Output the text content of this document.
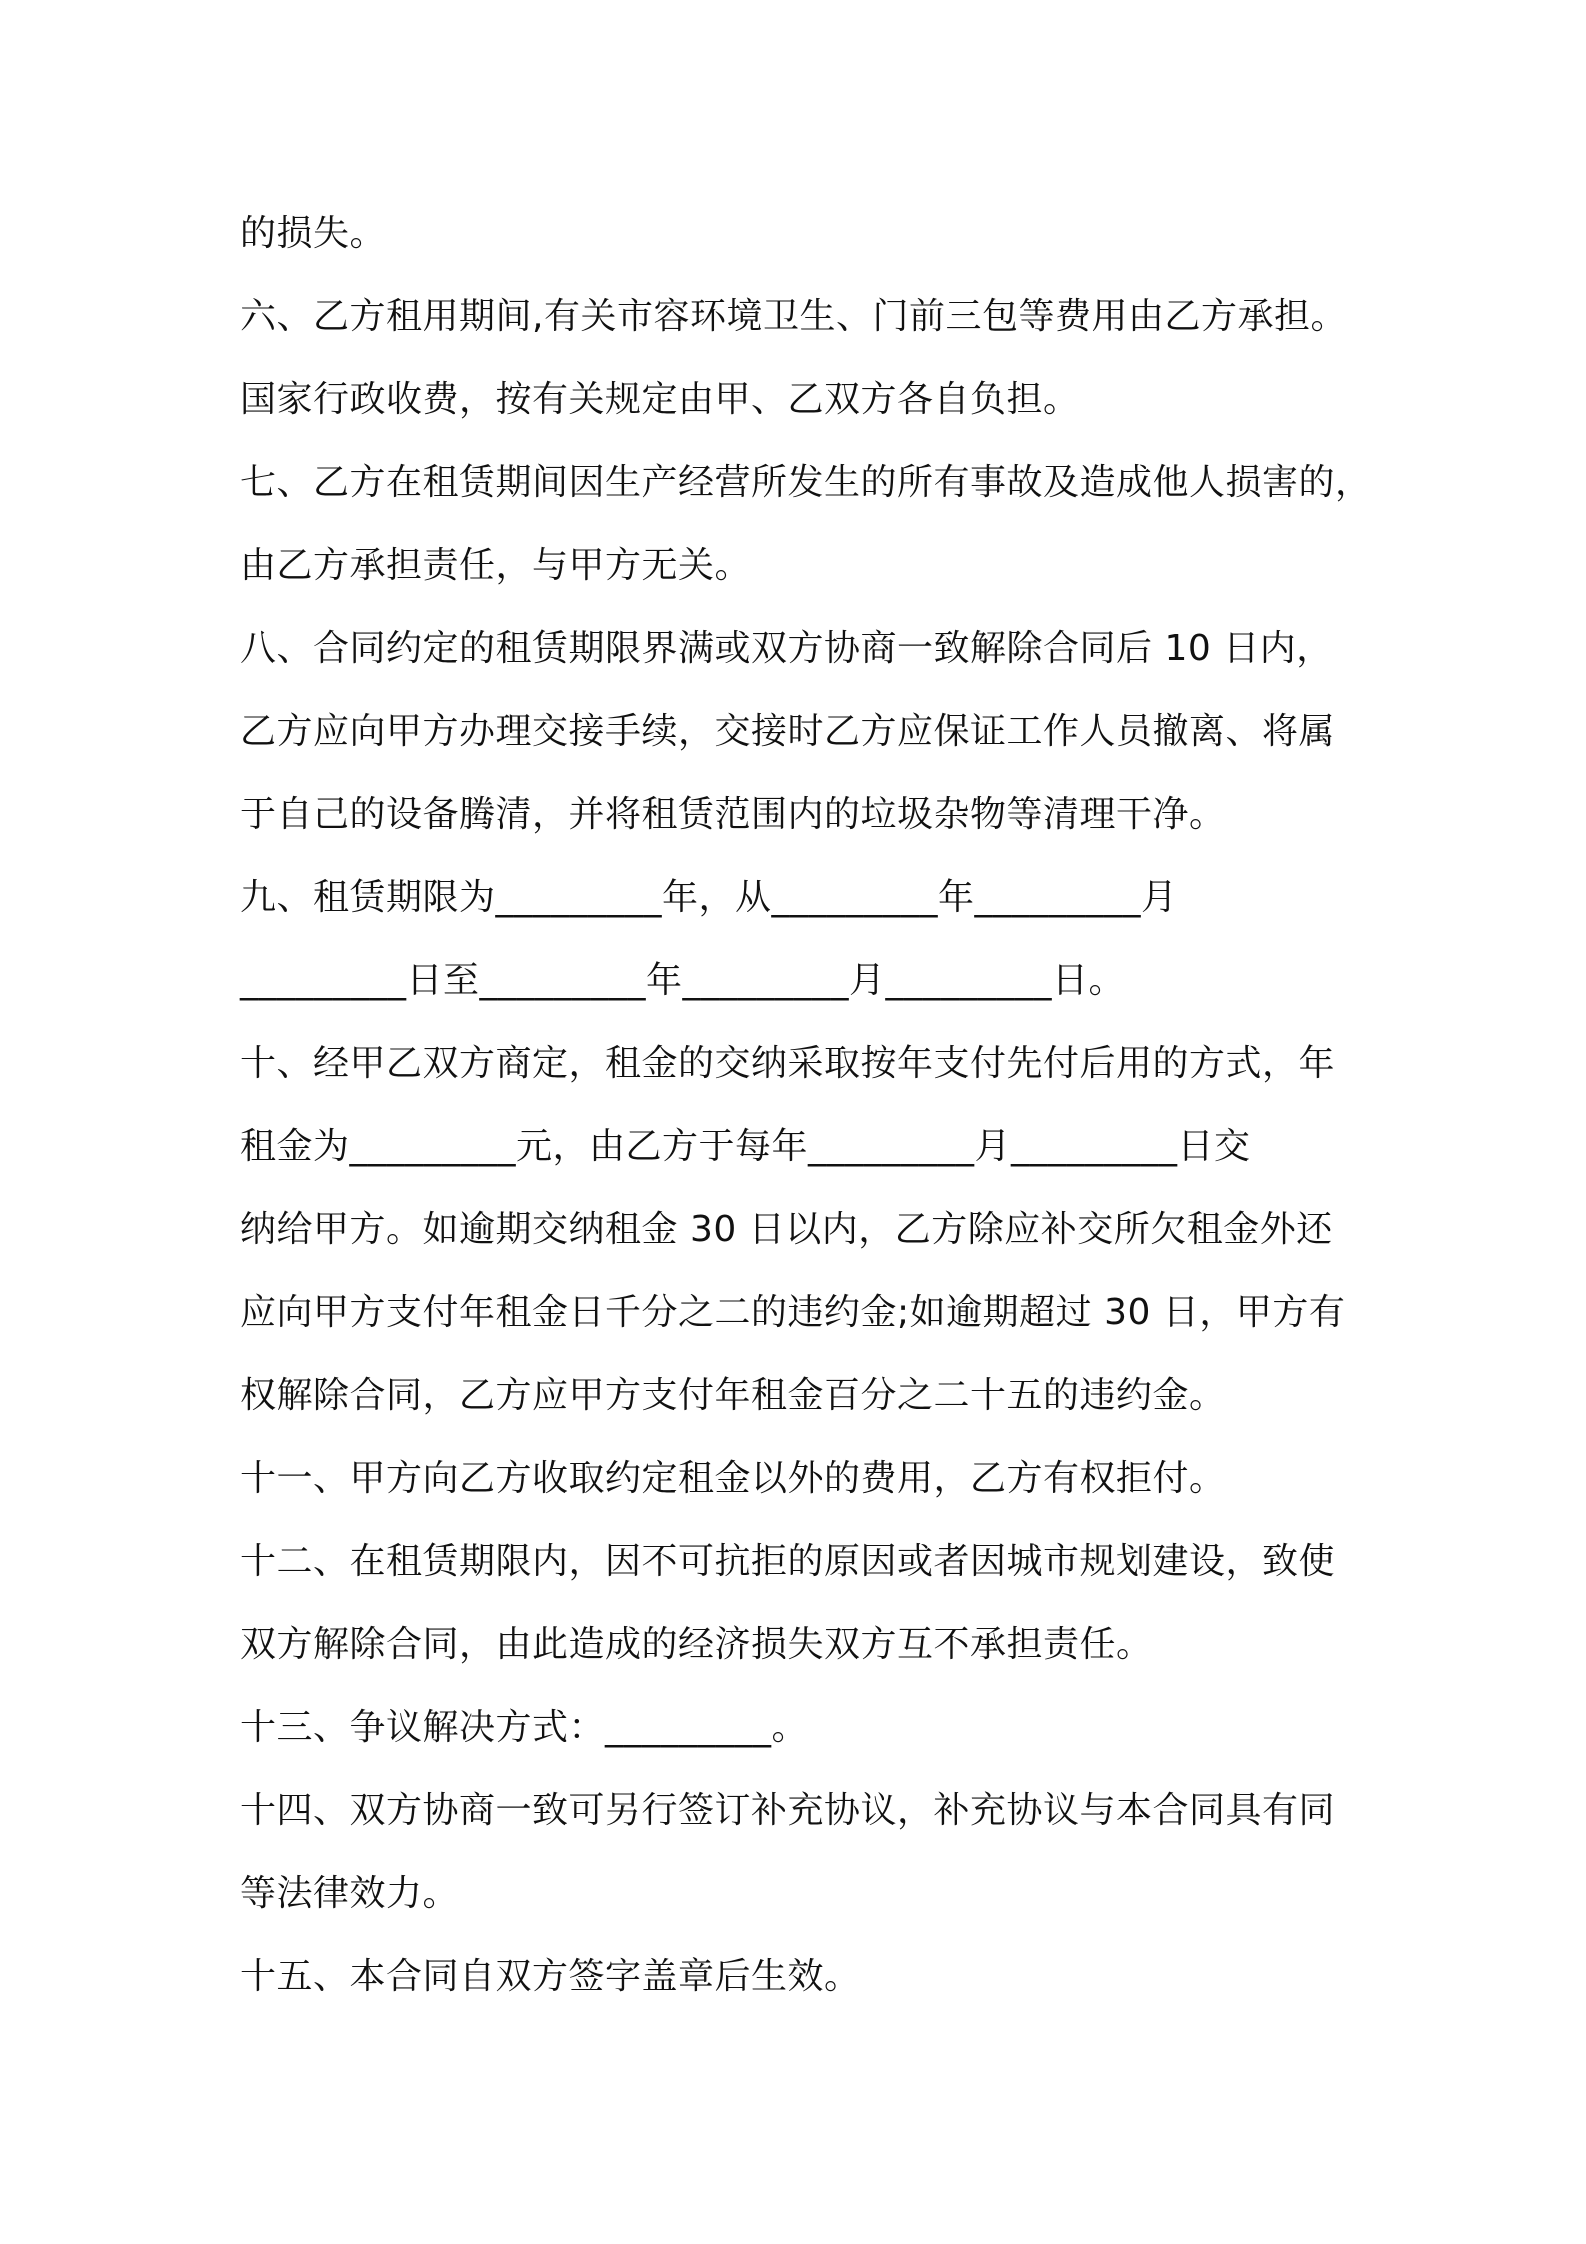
的损失。
六、乙方租用期间,有关市容环境卫生、门前三包等费用由乙方承担。
国家行政收费，按有关规定由甲、乙双方各自负担。
七、乙方在租赁期间因生产经营所发生的所有事故及造成他人损害的，
由乙方承担责任，与甲方无关。
八、合同约定的租赁期限界满或双方协商一致解除合同后 10 日内，
乙方应向甲方办理交接手续，交接时乙方应保证工作人员撤离、将属
于自己的设备腾清，并将租赁范围内的垃圾杂物等清理干净。
九、租赁期限为_________年，从_________年_________月
_________日至_________年_________月_________日。
十、经甲乙双方商定，租金的交纳采取按年支付先付后用的方式，年
租金为_________元，由乙方于每年_________月_________日交
纳给甲方。如逾期交纳租金 30 日以内，乙方除应补交所欠租金外还
应向甲方支付年租金日千分之二的违约金;如逾期超过 30 日，甲方有
权解除合同，乙方应甲方支付年租金百分之二十五的违约金。
十一、甲方向乙方收取约定租金以外的费用，乙方有权拒付。
十二、在租赁期限内，因不可抗拒的原因或者因城市规划建设，致使
双方解除合同，由此造成的经济损失双方互不承担责任。
十三、争议解决方式：_________。
十四、双方协商一致可另行签订补充协议，补充协议与本合同具有同
等法律效力。
十五、本合同自双方签字盖章后生效。
